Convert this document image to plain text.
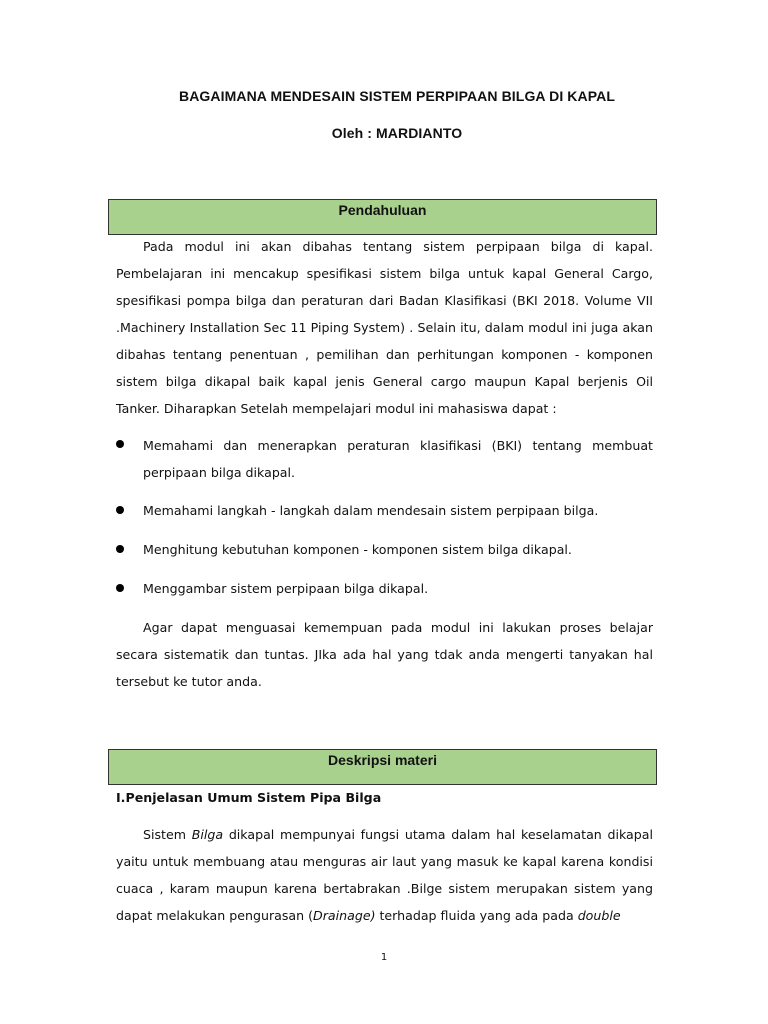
BAGAIMANA MENDESAIN SISTEM PERPIPAAN BILGA DI KAPAL
Oleh : MARDIANTO
Pendahuluan

Pada modul ini akan dibahas tentang sistem perpipaan bilga di kapal. Pembelajaran ini mencakup spesifikasi sistem bilga untuk kapal General Cargo, spesifikasi pompa bilga dan peraturan dari Badan Klasifikasi (BKI 2018. Volume VII .Machinery Installation Sec 11 Piping System) . Selain itu, dalam modul ini juga akan dibahas tentang penentuan , pemilihan dan perhitungan komponen - komponen sistem bilga dikapal baik kapal jenis General cargo maupun Kapal berjenis Oil Tanker. Diharapkan Setelah mempelajari modul ini mahasiswa dapat :

Memahami dan menerapkan peraturan klasifikasi (BKI) tentang membuat perpipaan bilga dikapal.

Memahami langkah - langkah dalam mendesain sistem perpipaan bilga.

Menghitung kebutuhan komponen - komponen sistem bilga dikapal.

Menggambar sistem perpipaan bilga dikapal.

Agar dapat menguasai kemempuan pada modul ini lakukan proses belajar secara sistematik dan tuntas. JIka ada hal yang tdak anda mengerti tanyakan hal tersebut ke tutor anda.

Deskripsi materi

I.Penjelasan Umum Sistem Pipa Bilga

Sistem Bilga dikapal mempunyai fungsi utama dalam hal keselamatan dikapal yaitu untuk membuang atau menguras air laut yang masuk ke kapal karena kondisi cuaca , karam maupun karena bertabrakan .Bilge sistem merupakan sistem yang dapat melakukan pengurasan (Drainage) terhadap fluida yang ada pada double

1
